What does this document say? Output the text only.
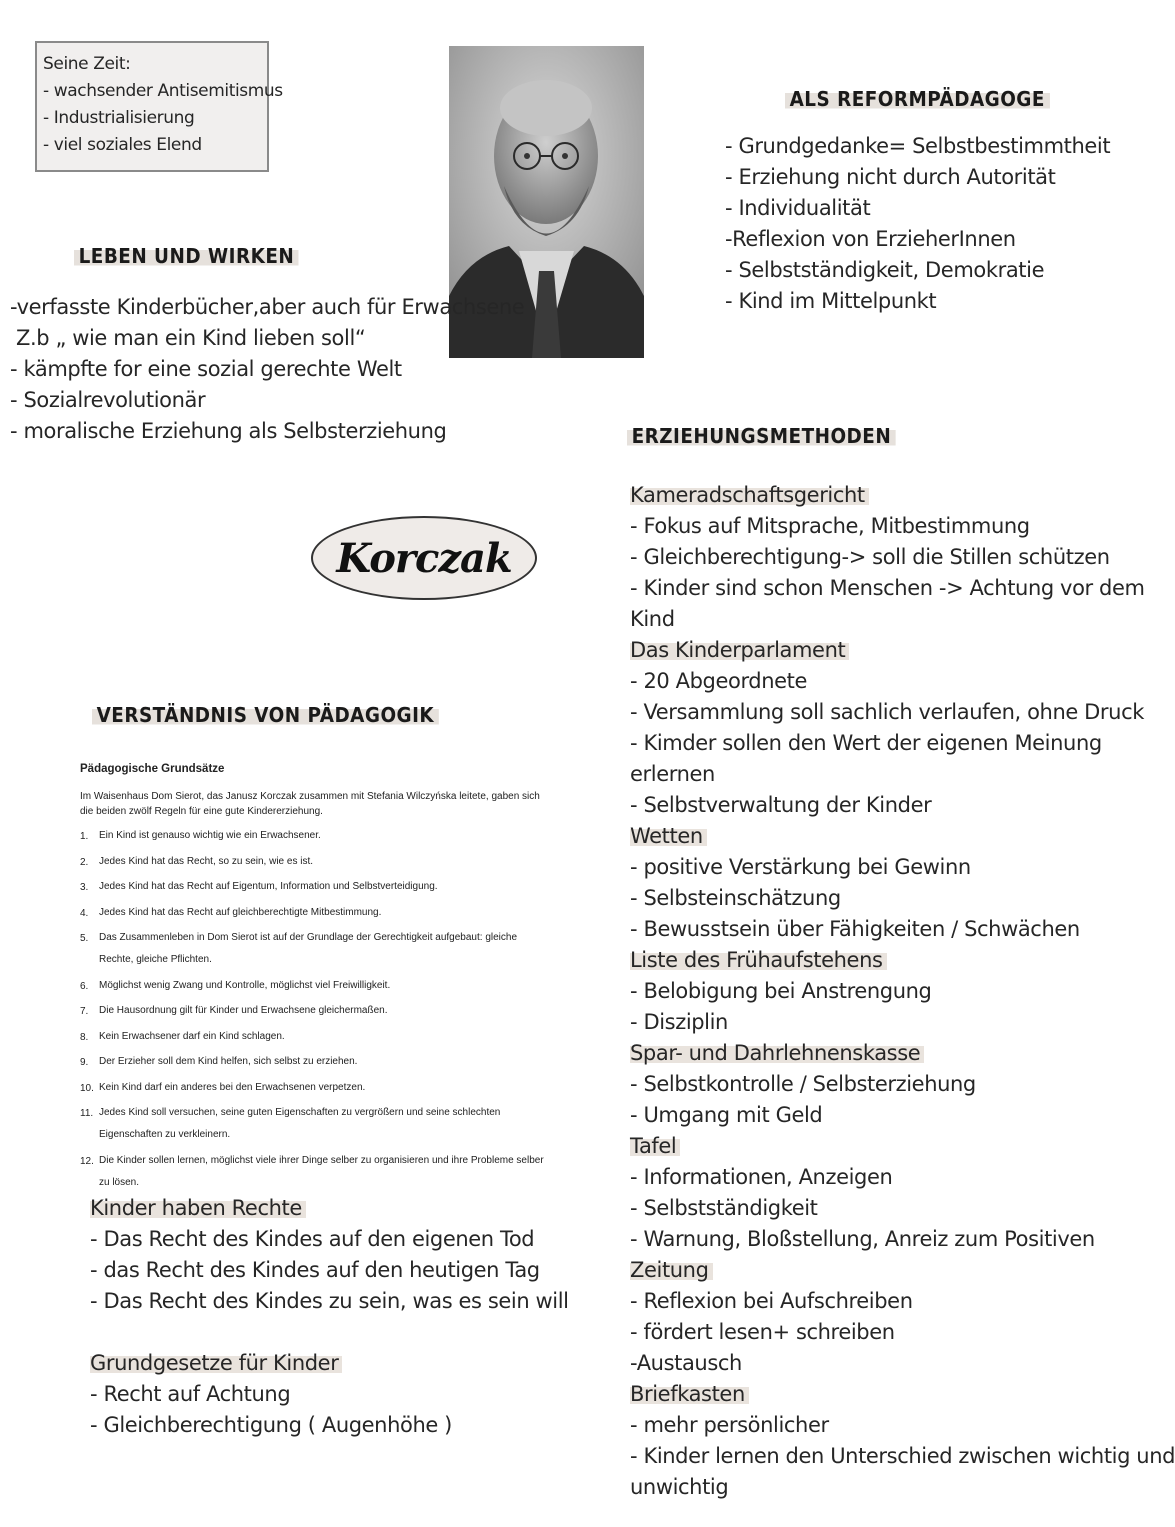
Seine Zeit:
- wachsender Antisemitismus
- Industrialisierung
- viel soziales Elend
ALS REFORMPÄDAGOGE
- Grundgedanke= Selbstbestimmtheit
- Erziehung nicht durch Autorität
- Individualität
-Reflexion von ErzieherInnen
- Selbstständigkeit, Demokratie
- Kind im Mittelpunkt
LEBEN UND WIRKEN
-verfasste Kinderbücher,aber auch für Erwachsene
Z.b „ wie man ein Kind lieben soll“
- kämpfte for eine sozial gerechte Welt
- Sozialrevolutionär
- moralische Erziehung als Selbsterziehung
Korczak
VERSTÄNDNIS VON PÄDAGOGIK
Pädagogische Grundsätze
Im Waisenhaus Dom Sierot, das Janusz Korczak zusammen mit Stefania Wilczyńska leitete, gaben sich die beiden zwölf Regeln für eine gute Kindererziehung.
1.	Ein Kind ist genauso wichtig wie ein Erwachsener.
2.	Jedes Kind hat das Recht, so zu sein, wie es ist.
3.	Jedes Kind hat das Recht auf Eigentum, Information und Selbstverteidigung.
4.	Jedes Kind hat das Recht auf gleichberechtigte Mitbestimmung.
5.	Das Zusammenleben in Dom Sierot ist auf der Grundlage der Gerechtigkeit aufgebaut: gleiche Rechte, gleiche Pflichten.
6.	Möglichst wenig Zwang und Kontrolle, möglichst viel Freiwilligkeit.
7.	Die Hausordnung gilt für Kinder und Erwachsene gleichermaßen.
8.	Kein Erwachsener darf ein Kind schlagen.
9.	Der Erzieher soll dem Kind helfen, sich selbst zu erziehen.
10. Kein Kind darf ein anderes bei den Erwachsenen verpetzen.
11. Jedes Kind soll versuchen, seine guten Eigenschaften zu vergrößern und seine schlechten Eigenschaften zu verkleinern.
12. Die Kinder sollen lernen, möglichst viele ihrer Dinge selber zu organisieren und ihre Probleme selber zu lösen.
Kinder haben Rechte
- Das Recht des Kindes auf den eigenen Tod
- das Recht des Kindes auf den heutigen Tag
- Das Recht des Kindes zu sein, was es sein will
Grundgesetze für Kinder
- Recht auf Achtung
- Gleichberechtigung ( Augenhöhe )
ERZIEHUNGSMETHODEN
Kameradschaftsgericht
- Fokus auf Mitsprache, Mitbestimmung
- Gleichberechtigung-> soll die Stillen schützen
- Kinder sind schon Menschen -> Achtung vor dem
Kind
Das Kinderparlament
- 20 Abgeordnete
- Versammlung soll sachlich verlaufen, ohne Druck
- Kimder sollen den Wert der eigenen Meinung
erlernen
- Selbstverwaltung der Kinder
Wetten
- positive Verstärkung bei Gewinn
- Selbsteinschätzung
- Bewusstsein über Fähigkeiten / Schwächen
Liste des Frühaufstehens
- Belobigung bei Anstrengung
- Disziplin
Spar- und Dahrlehnenskasse
- Selbstkontrolle / Selbsterziehung
- Umgang mit Geld
Tafel
- Informationen, Anzeigen
- Selbstständigkeit
- Warnung, Bloßstellung, Anreiz zum Positiven
Zeitung
- Reflexion bei Aufschreiben
- fördert lesen+ schreiben
-Austausch
Briefkasten
- mehr persönlicher
- Kinder lernen den Unterschied zwischen wichtig und
unwichtig
